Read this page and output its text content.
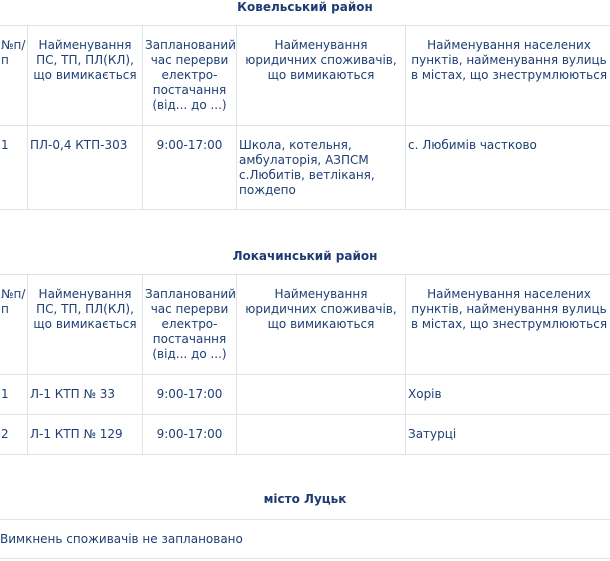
Ковельський район
№п/п	Найменування ПС, ТП, ПЛ(КЛ), що вимикається	Запланований час перерви електро-постачання (від... до ...)	Найменування юридичних споживачів, що вимикаються	Найменування населених пунктів, найменування вулиць в містах, що знеструмлюються
1	ПЛ-0,4 КТП-303	9:00-17:00	Школа, котельня, амбулаторія, АЗПСМ с.Любитів, ветліканя, пождепо	с. Любимів частково
Локачинський район
№п/п	Найменування ПС, ТП, ПЛ(КЛ), що вимикається	Запланований час перерви електро-постачання (від... до ...)	Найменування юридичних споживачів, що вимикаються	Найменування населених пунктів, найменування вулиць в містах, що знеструмлюються
1	Л-1 КТП № 33	9:00-17:00		Хорів
2	Л-1 КТП № 129	9:00-17:00		Затурці
місто Луцьк
Вимкнень споживачів не заплановано
